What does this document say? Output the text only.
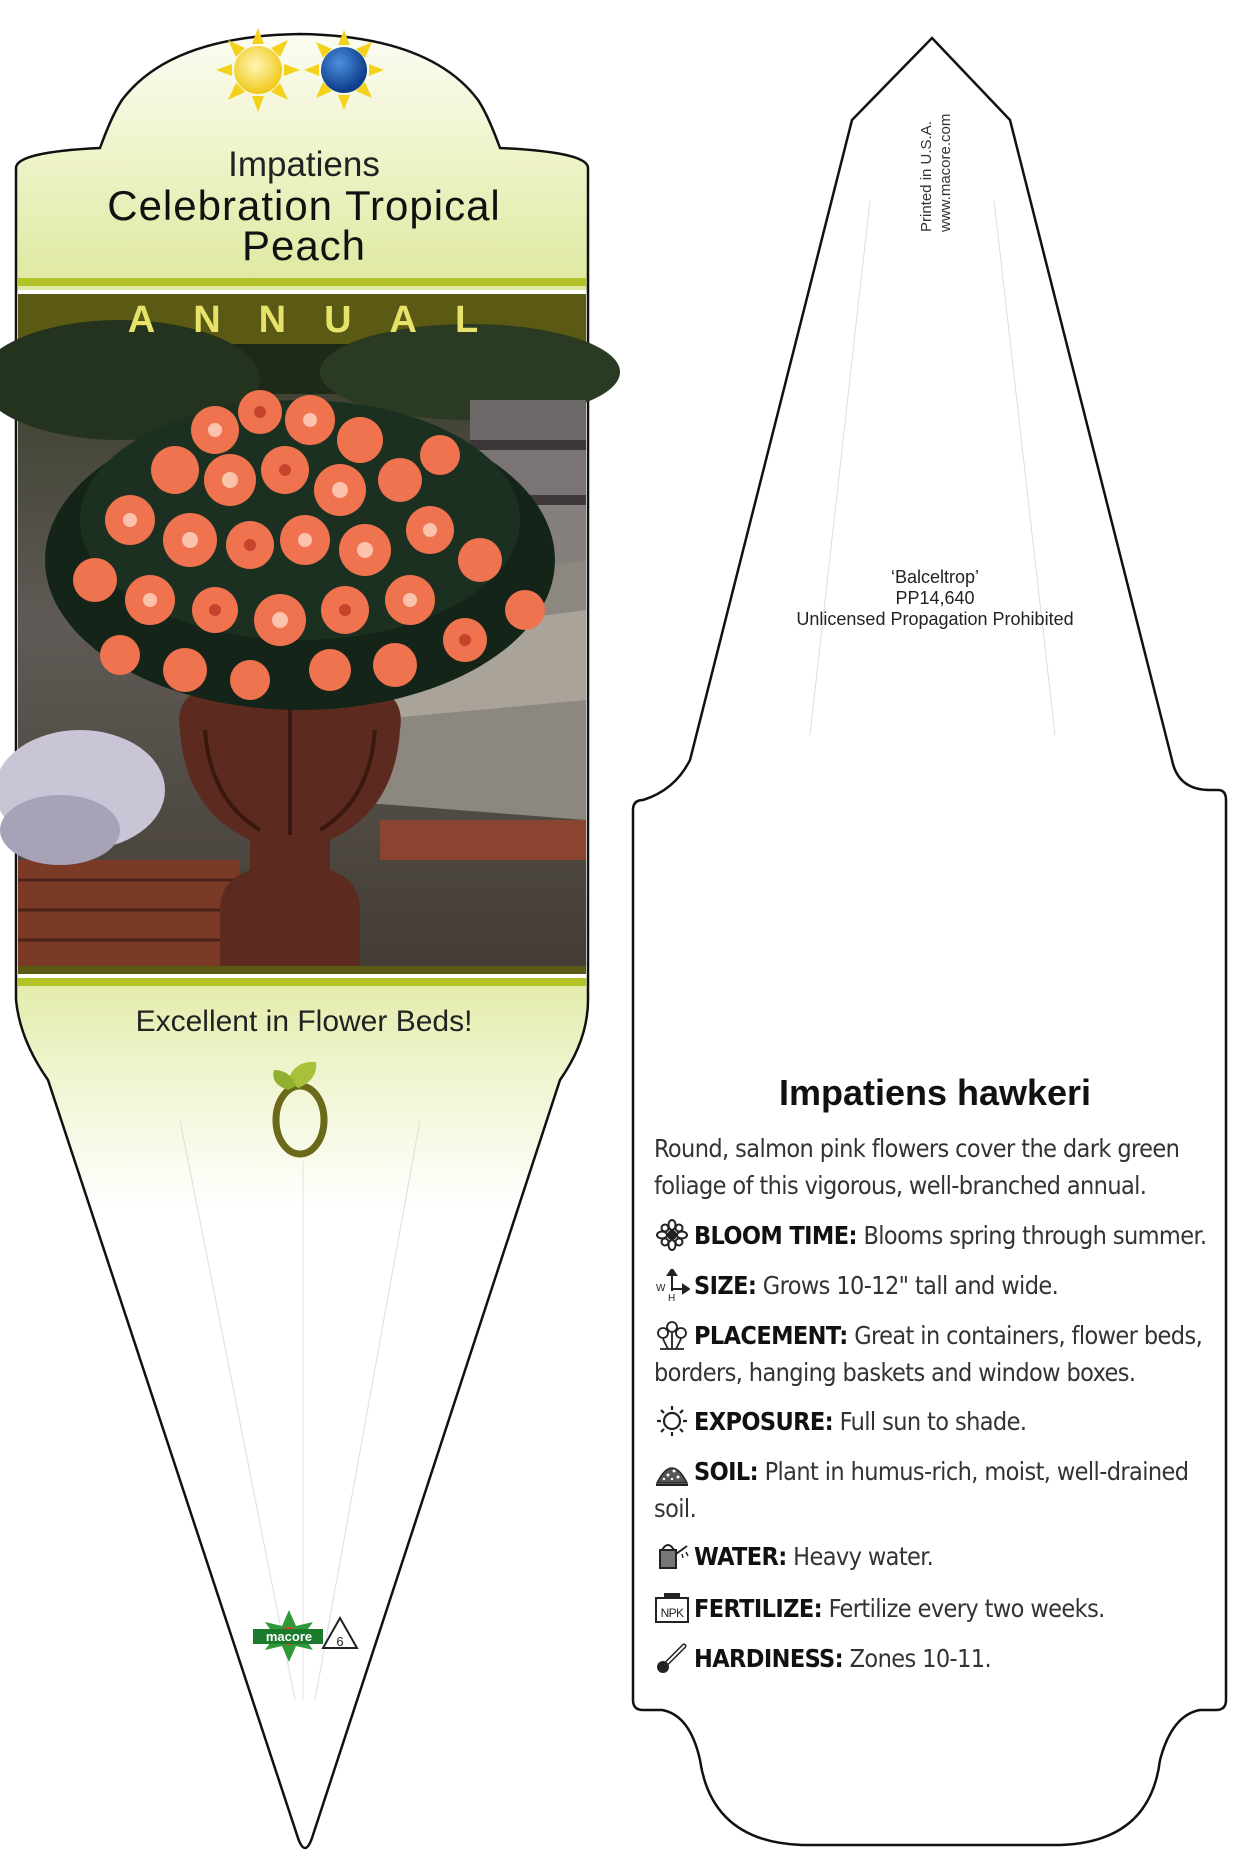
macore 6
Impatiens
Celebration Tropical
Peach
ANNUAL
Excellent in Flower Beds!
Printed in U.S.A. www.macore.com
‘Balceltrop’
PP14,640
Unlicensed Propagation Prohibited
Impatiens hawkeri
Round, salmon pink flowers cover the dark green foliage of this vigorous, well-branched annual.
BLOOM TIME: Blooms spring through summer.
W
H SIZE: Grows 10-12" tall and wide.
PLACEMENT: Great in containers, flower beds, borders, hanging baskets and window boxes.
EXPOSURE: Full sun to shade.
SOIL: Plant in humus-rich, moist, well-drained soil.
WATER: Heavy water.
NPK FERTILIZE: Fertilize every two weeks.
HARDINESS: Zones 10-11.
